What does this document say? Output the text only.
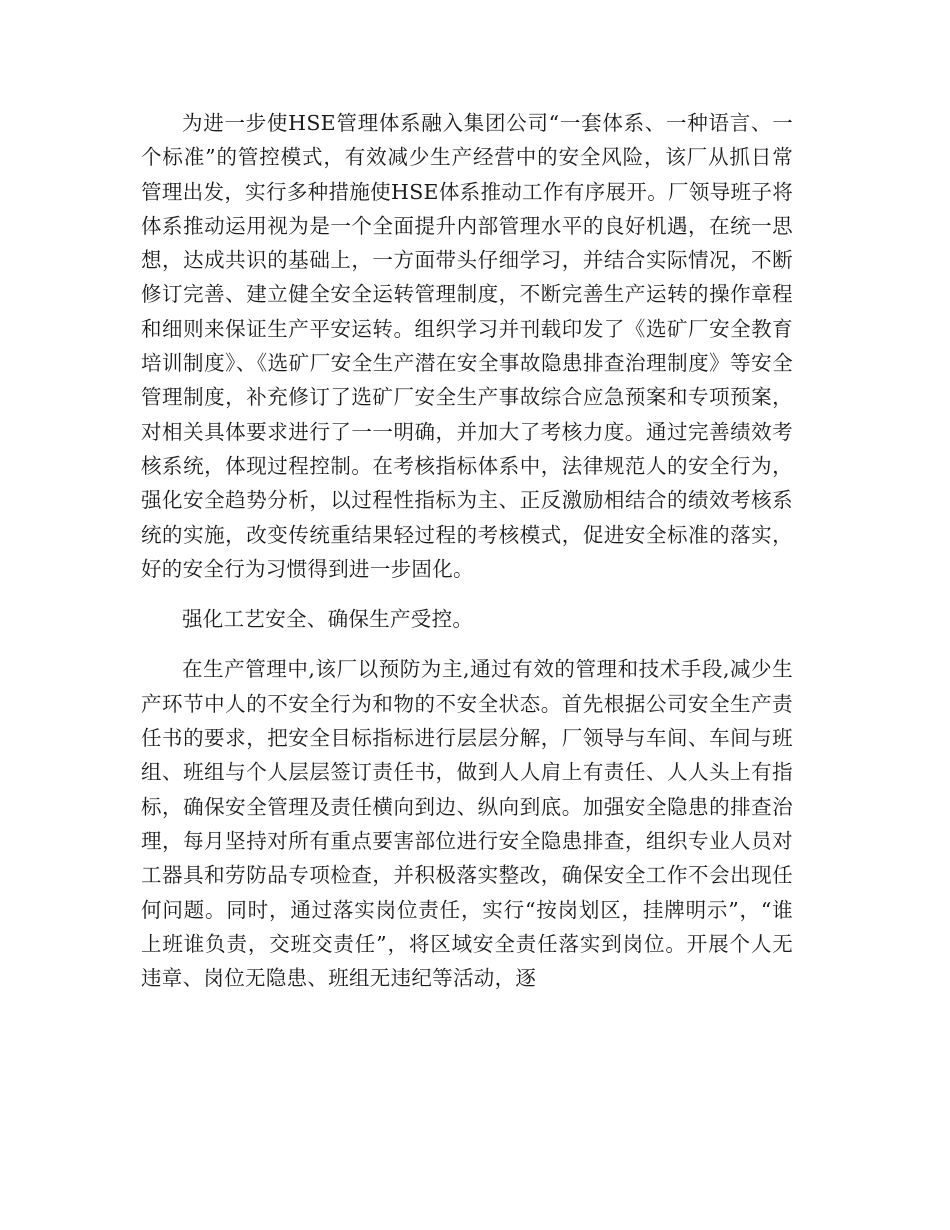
为进一步使HSE管理体系融入集团公司“一套体系、一种语言、一个标准”的管控模式，有效减少生产经营中的安全风险，该厂从抓日常管理出发，实行多种措施使HSE体系推动工作有序展开。厂领导班子将体系推动运用视为是一个全面提升内部管理水平的良好机遇，在统一思想，达成共识的基础上，一方面带头仔细学习，并结合实际情况，不断修订完善、建立健全安全运转管理制度，不断完善生产运转的操作章程和细则来保证生产平安运转。组织学习并刊载印发了《选矿厂安全教育培训制度》、《选矿厂安全生产潜在安全事故隐患排查治理制度》等安全管理制度，补充修订了选矿厂安全生产事故综合应急预案和专项预案，对相关具体要求进行了一一明确，并加大了考核力度。通过完善绩效考核系统，体现过程控制。在考核指标体系中，法律规范人的安全行为，强化安全趋势分析，以过程性指标为主、正反激励相结合的绩效考核系统的实施，改变传统重结果轻过程的考核模式，促进安全标准的落实，好的安全行为习惯得到进一步固化。

强化工艺安全、确保生产受控。

在生产管理中,该厂以预防为主,通过有效的管理和技术手段,减少生产环节中人的不安全行为和物的不安全状态。首先根据公司安全生产责任书的要求，把安全目标指标进行层层分解，厂领导与车间、车间与班组、班组与个人层层签订责任书，做到人人肩上有责任、人人头上有指标，确保安全管理及责任横向到边、纵向到底。加强安全隐患的排查治理，每月坚持对所有重点要害部位进行安全隐患排查，组织专业人员对工器具和劳防品专项检查，并积极落实整改，确保安全工作不会出现任何问题。同时，通过落实岗位责任，实行“按岗划区，挂牌明示”，“谁上班谁负责，交班交责任”，将区域安全责任落实到岗位。开展个人无违章、岗位无隐患、班组无违纪等活动，逐
